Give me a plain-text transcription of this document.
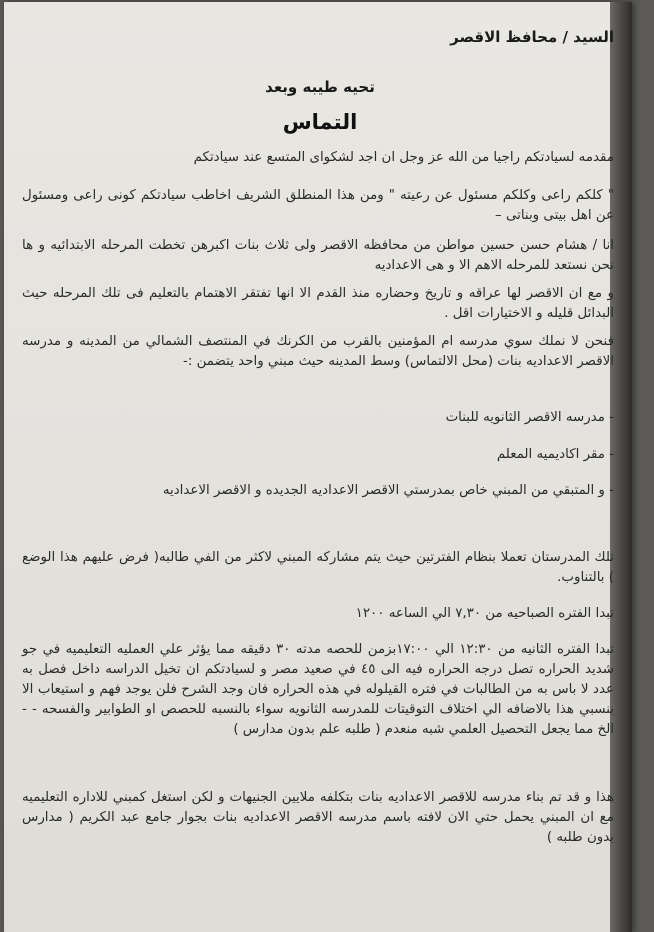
السيد / محافظ الاقصر
تحيه طيبه وبعد
التماس
مقدمه لسيادتكم راجيا من الله عز وجل ان اجد لشكواى المتسع عند سيادتكم
" كلكم راعى وكلكم مسئول عن رعيته " ومن هذا المنطلق الشريف اخاطب سيادتكم كونى راعى ومسئول عن اهل بيتى وبناتى –
انا / هشام حسن حسين مواطن من محافظه الاقصر ولى ثلاث بنات اكبرهن تخطت المرحله الابتدائيه و ها نحن نستعد للمرحله الاهم الا و هى الاعداديه
و مع ان الاقصر لها عراقه و تاريخ وحضاره منذ القدم الا انها تفتقر الاهتمام بالتعليم فى تلك المرحله حيث البدائل قليله و الاختيارات اقل .
فنحن لا نملك سوي مدرسه ام المؤمنين بالقرب من الكرنك في المنتصف الشمالي من المدينه و مدرسه الاقصر الاعداديه بنات (محل الالتماس) وسط المدينه حيث مبني واحد يتضمن :-
- مدرسه الاقصر الثانويه للبنات
- مقر اكاديميه المعلم
- و المتبقي من المبني خاص بمدرستي الاقصر الاعداديه الجديده و الاقصر الاعداديه
تلك المدرستان تعملا بنظام الفترتين حيث يتم مشاركه المبني لاكثر من الفي طالبه( فرض عليهم هذا الوضع ) بالتناوب.
تبدا الفتره الصباحيه من ٧,٣٠ الي الساعه ١٢٠٠
تبدا الفتره الثانيه من ١٢:٣٠ الي ١٧:٠٠بزمن للحصه مدته ٣٠ دقيقه مما يؤثر علي العمليه التعليميه في جو شديد الحراره تصل درجه الحراره فيه الى ٤٥ في صعيد مصر و لسيادتكم ان تخيل الدراسه داخل فصل به عدد لا باس به من الطالبات في فتره القيلوله في هذه الحراره فان وجد الشرح فلن يوجد فهم و استيعاب الا بنسبي هذا بالاضافه الي اختلاف التوقيتات للمدرسه الثانويه سواء بالنسبه للحصص او الطوابير والفسحه - - الخ مما يجعل التحصيل العلمي شبه منعدم ( طلبه علم بدون مدارس )
هذا و قد تم بناء مدرسه للاقصر الاعداديه بنات بتكلفه ملايين الجنيهات و لكن استغل كمبني للاداره التعليميه مع ان المبني يحمل حتي الان لافته باسم مدرسه الاقصر الاعداديه بنات بجوار جامع عبد الكريم ( مدارس بدون طلبه )
